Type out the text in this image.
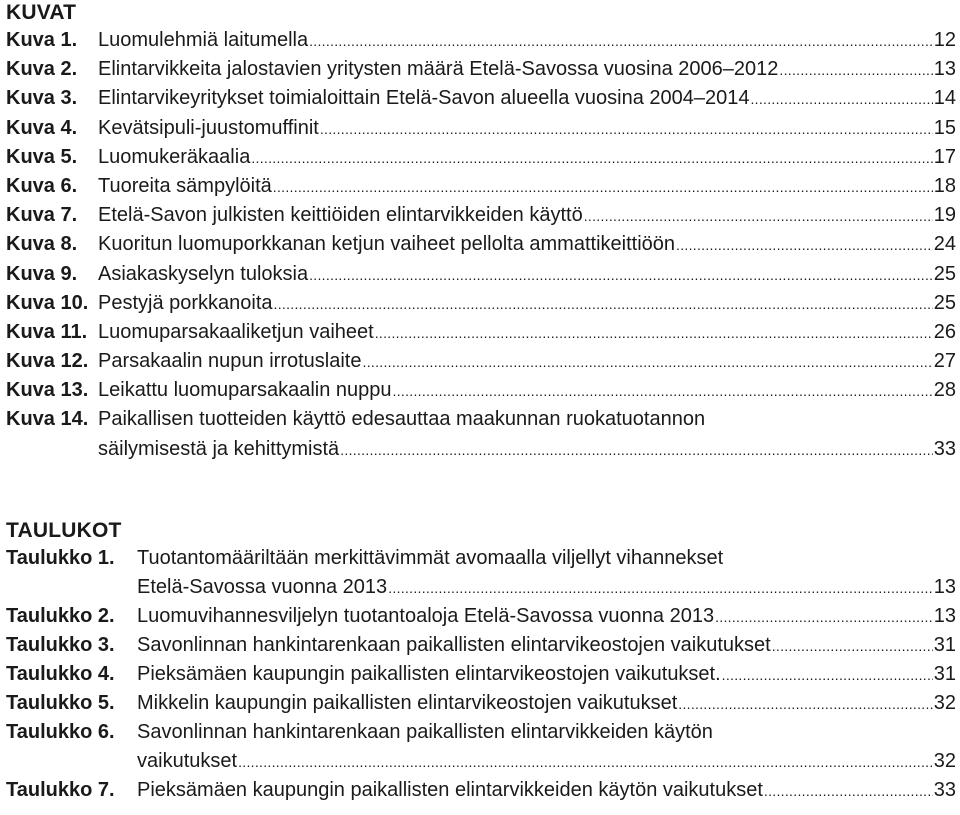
KUVAT
Kuva 1.	Luomulehmiä laitumella .....	12
Kuva 2.	Elintarvikkeita jalostavien yritysten määrä Etelä-Savossa vuosina 2006–2012 .....	13
Kuva 3.	Elintarvikeyritykset toimialoittain Etelä-Savon alueella vuosina 2004–2014 .....	14
Kuva 4.	Kevätsipuli-juustomuffinit .....	15
Kuva 5.	Luomukeräkaalia .....	17
Kuva 6.	Tuoreita sämpylöitä .....	18
Kuva 7.	Etelä-Savon julkisten keittiöiden elintarvikkeiden käyttö .....	19
Kuva 8.	Kuoritun luomuporkkanan ketjun vaiheet pellolta ammattikeittiöön .....	24
Kuva 9.	Asiakaskyselyn tuloksia .....	25
Kuva 10. Pestyjä porkkanoita .....	25
Kuva 11. Luomuparsakaaliketjun vaiheet .....	26
Kuva 12. Parsakaalin nupun irrotuslaite .....	27
Kuva 13. Leikattu luomuparsakaalin nuppu .....	28
Kuva 14. Paikallisen tuotteiden käyttö edesauttaa maakunnan ruokatuotannon
säilymisestä ja kehittymistä .....	33
TAULUKOT
Taulukko 1.	Tuotantomääriltään merkittävimmät avomaalla viljellyt vihannekset
Etelä-Savossa vuonna 2013 .....	13
Taulukko 2.	Luomuvihannesviljelyn tuotantoaloja Etelä-Savossa vuonna 2013 .....	13
Taulukko 3.	Savonlinnan hankintarenkaan paikallisten elintarvikeostojen vaikutukset .....	31
Taulukko 4.	Pieksämäen kaupungin paikallisten elintarvikeostojen vaikutukset. .....	31
Taulukko 5.	Mikkelin kaupungin paikallisten elintarvikeostojen vaikutukset .....	32
Taulukko 6.	Savonlinnan hankintarenkaan paikallisten elintarvikkeiden käytön
vaikutukset .....	32
Taulukko 7.	Pieksämäen kaupungin paikallisten elintarvikkeiden käytön vaikutukset .....	33
